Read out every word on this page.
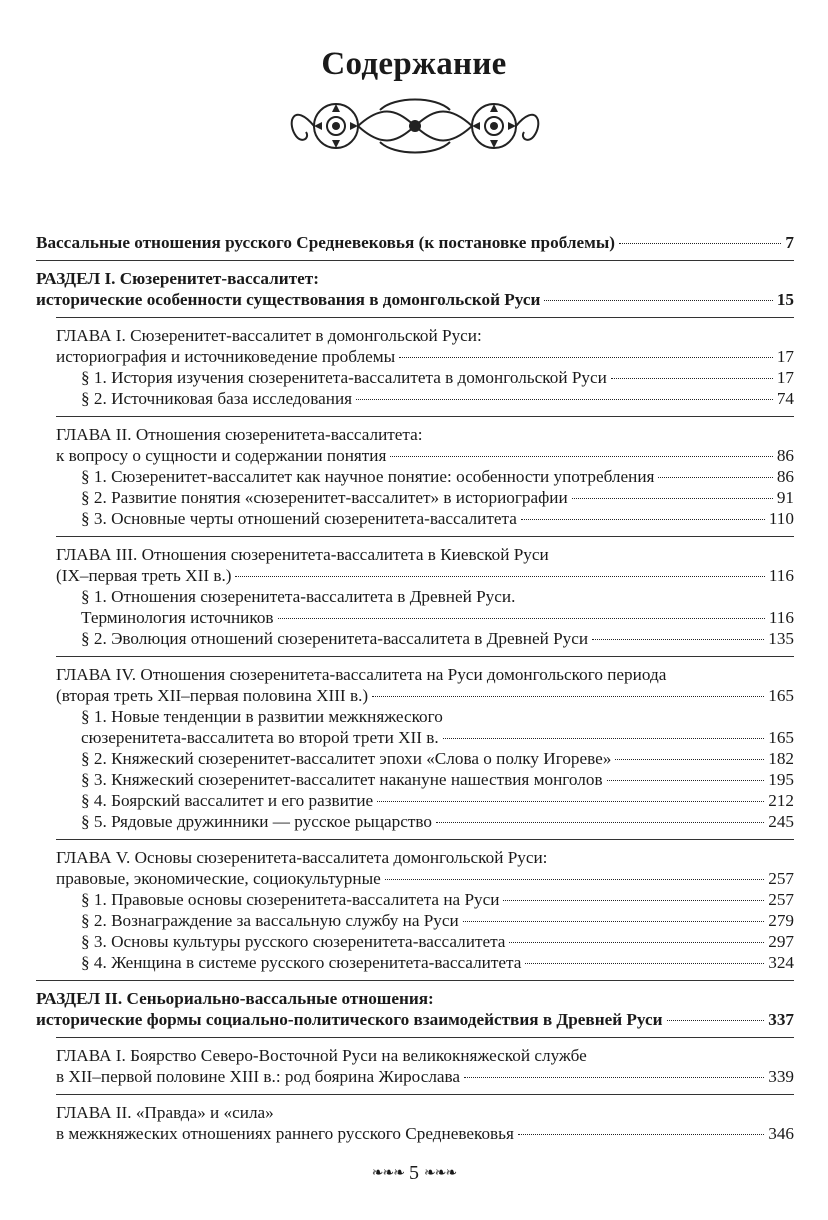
Содержание
Вассальные отношения русского Средневековья (к постановке проблемы)	7
РАЗДЕЛ I. Сюзеренитет-вассалитет:
исторические особенности существования в домонгольской Руси	15
ГЛАВА I. Сюзеренитет-вассалитет в домонгольской Руси:
историография и источниковедение проблемы	17
§ 1. История изучения сюзеренитета-вассалитета в домонгольской Руси	17
§ 2. Источниковая база исследования	74
ГЛАВА II. Отношения сюзеренитета-вассалитета:
к вопросу о сущности и содержании понятия	86
§ 1. Сюзеренитет-вассалитет как научное понятие: особенности употребления	86
§ 2. Развитие понятия «сюзеренитет-вассалитет» в историографии	91
§ 3. Основные черты отношений сюзеренитета-вассалитета	110
ГЛАВА III. Отношения сюзеренитета-вассалитета в Киевской Руси
(IX–первая треть XII в.)	116
§ 1. Отношения сюзеренитета-вассалитета в Древней Руси.
Терминология источников	116
§ 2. Эволюция отношений сюзеренитета-вассалитета в Древней Руси	135
ГЛАВА IV. Отношения сюзеренитета-вассалитета на Руси домонгольского периода
(вторая треть XII–первая половина XIII в.)	165
§ 1. Новые тенденции в развитии межкняжеского
сюзеренитета-вассалитета во второй трети XII в.	165
§ 2. Княжеский сюзеренитет-вассалитет эпохи «Слова о полку Игореве»	182
§ 3. Княжеский сюзеренитет-вассалитет накануне нашествия монголов	195
§ 4. Боярский вассалитет и его развитие	212
§ 5. Рядовые дружинники — русское рыцарство	245
ГЛАВА V. Основы сюзеренитета-вассалитета домонгольской Руси:
правовые, экономические, социокультурные	257
§ 1. Правовые основы сюзеренитета-вассалитета на Руси	257
§ 2. Вознаграждение за вассальную службу на Руси	279
§ 3. Основы культуры русского сюзеренитета-вассалитета	297
§ 4. Женщина в системе русского сюзеренитета-вассалитета	324
РАЗДЕЛ II. Сеньориально-вассальные отношения:
исторические формы социально-политического взаимодействия в Древней Руси	337
ГЛАВА I. Боярство Северо-Восточной Руси на великокняжеской службе
в XII–первой половине XIII в.: род боярина Жирослава	339
ГЛАВА II. «Правда» и «сила»
в межкняжеских отношениях раннего русского Средневековья	346
❧❧❧ 5 ❧❧❧
